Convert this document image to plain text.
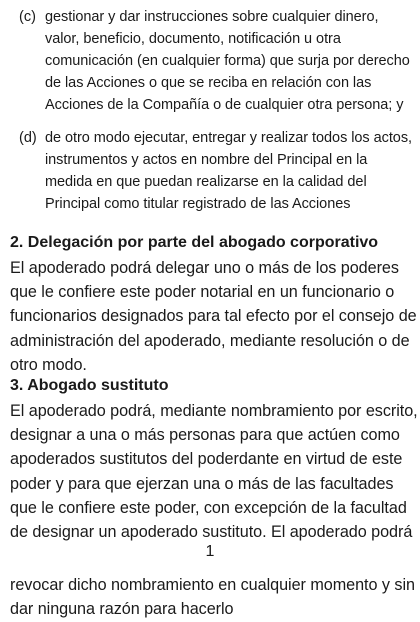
(c) gestionar y dar instrucciones sobre cualquier dinero, valor, beneficio, documento, notificación u otra comunicación (en cualquier forma) que surja por derecho de las Acciones o que se reciba en relación con las Acciones de la Compañía o de cualquier otra persona; y
(d) de otro modo ejecutar, entregar y realizar todos los actos, instrumentos y actos en nombre del Principal en la medida en que puedan realizarse en la calidad del Principal como titular registrado de las Acciones
2. Delegación por parte del abogado corporativo
El apoderado podrá delegar uno o más de los poderes que le confiere este poder notarial en un funcionario o funcionarios designados para tal efecto por el consejo de administración del apoderado, mediante resolución o de otro modo.
3. Abogado sustituto
El apoderado podrá, mediante nombramiento por escrito, designar a una o más personas para que actúen como apoderados sustitutos del poderdante en virtud de este poder y para que ejerzan una o más de las facultades que le confiere este poder, con excepción de la facultad de designar un apoderado sustituto. El apoderado podrá
1
revocar dicho nombramiento en cualquier momento y sin dar ninguna razón para hacerlo
